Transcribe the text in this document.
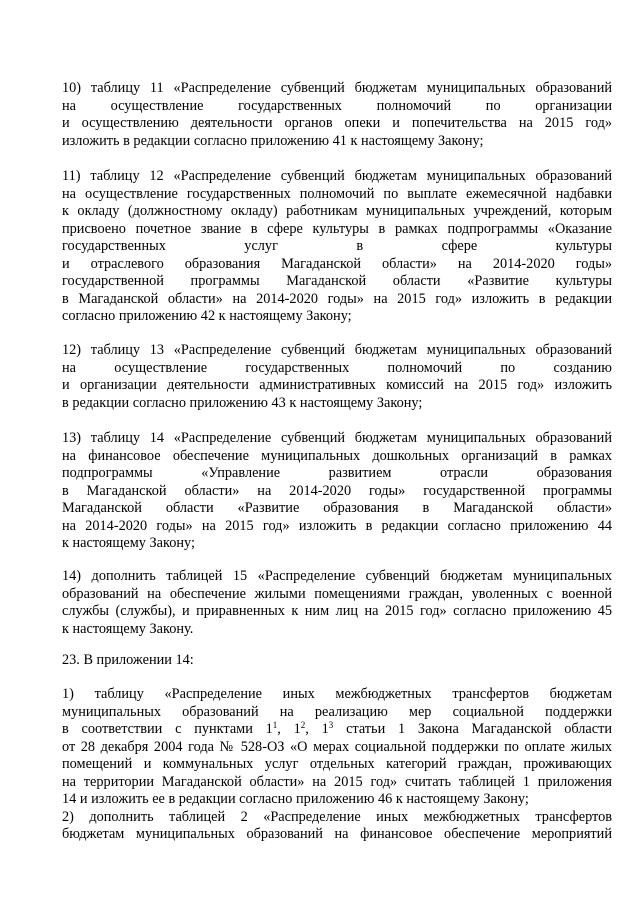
10) таблицу 11 «Распределение субвенций бюджетам муниципальных образований
на осуществление государственных полномочий по организации
и осуществлению деятельности органов опеки и попечительства на 2015 год»
изложить в редакции согласно приложению 41 к настоящему Закону;
11) таблицу 12 «Распределение субвенций бюджетам муниципальных образований
на осуществление государственных полномочий по выплате ежемесячной надбавки
к окладу (должностному окладу) работникам муниципальных учреждений, которым
присвоено почетное звание в сфере культуры в рамках подпрограммы «Оказание
государственных услуг в сфере культуры
и отраслевого образования Магаданской области» на 2014-2020 годы»
государственной программы Магаданской области «Развитие культуры
в Магаданской области» на 2014-2020 годы» на 2015 год» изложить в редакции
согласно приложению 42 к настоящему Закону;
12) таблицу 13 «Распределение субвенций бюджетам муниципальных образований
на осуществление государственных полномочий по созданию
и организации деятельности административных комиссий на 2015 год» изложить
в редакции согласно приложению 43 к настоящему Закону;
13) таблицу 14 «Распределение субвенций бюджетам муниципальных образований
на финансовое обеспечение муниципальных дошкольных организаций в рамках
подпрограммы «Управление развитием отрасли образования
в Магаданской области» на 2014-2020 годы» государственной программы
Магаданской области «Развитие образования в Магаданской области»
на 2014-2020 годы» на 2015 год» изложить в редакции согласно приложению 44
к настоящему Закону;
14) дополнить таблицей 15 «Распределение субвенций бюджетам муниципальных
образований на обеспечение жилыми помещениями граждан, уволенных с военной
службы (службы), и приравненных к ним лиц на 2015 год» согласно приложению 45
к настоящему Закону.
23. В приложении 14:
1) таблицу «Распределение иных межбюджетных трансфертов бюджетам
муниципальных образований на реализацию мер социальной поддержки
в соответствии с пунктами $1^1$, $1^2$, $1^3$ статьи 1 Закона Магаданской области
от 28 декабря 2004 года № 528-ОЗ «О мерах социальной поддержки по оплате жилых
помещений и коммунальных услуг отдельных категорий граждан, проживающих
на территории Магаданской области» на 2015 год» считать таблицей 1 приложения
14 и изложить ее в редакции согласно приложению 46 к настоящему Закону;
2) дополнить таблицей 2 «Распределение иных межбюджетных трансфертов
бюджетам муниципальных образований на финансовое обеспечение мероприятий
